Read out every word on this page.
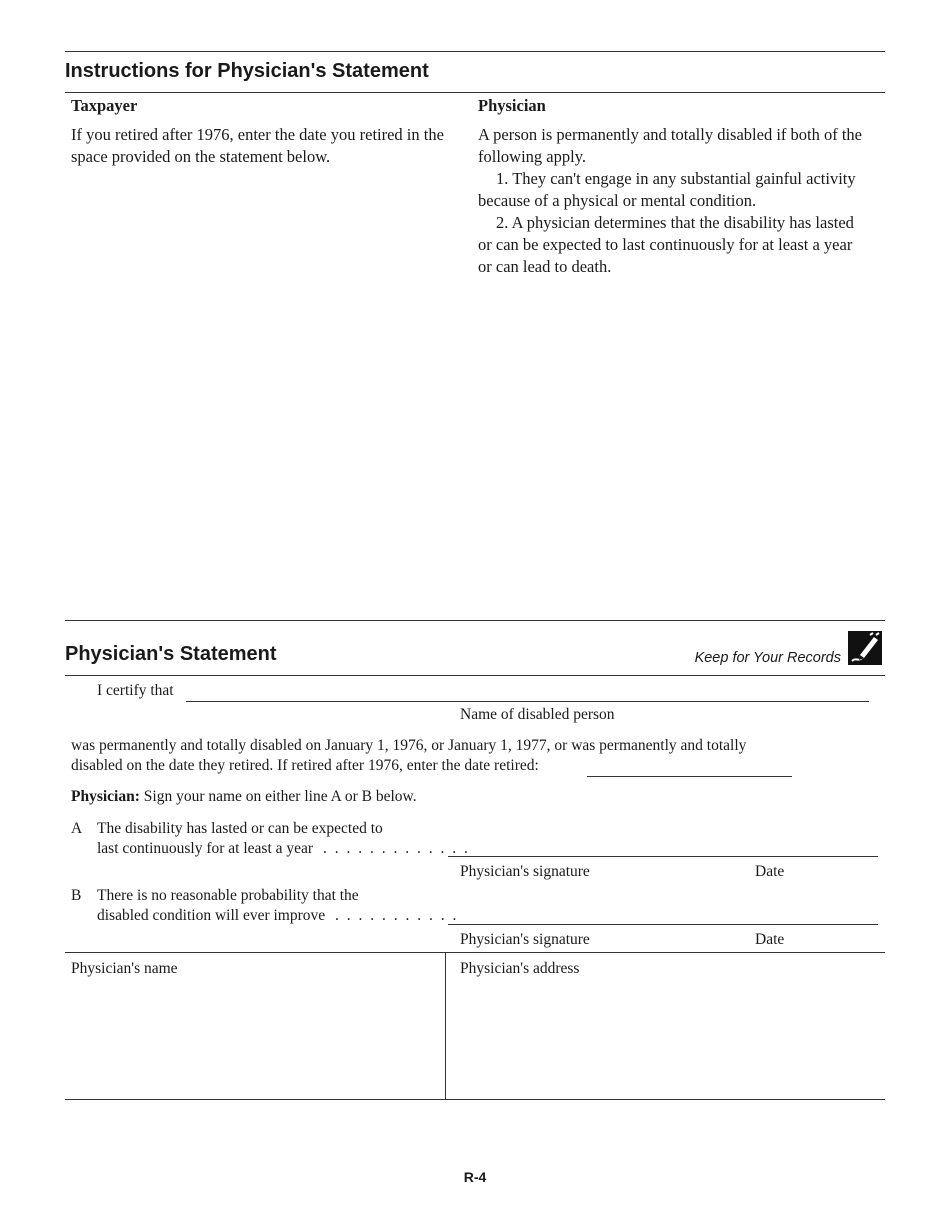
Instructions for Physician's Statement
Taxpayer
If you retired after 1976, enter the date you retired in the space provided on the statement below.
Physician
A person is permanently and totally disabled if both of the following apply.
1. They can't engage in any substantial gainful activity because of a physical or mental condition.
2. A physician determines that the disability has lasted or can be expected to last continuously for at least a year or can lead to death.
Physician's Statement	Keep for Your Records
I certify that
Name of disabled person
was permanently and totally disabled on January 1, 1976, or January 1, 1977, or was permanently and totally
disabled on the date they retired. If retired after 1976, enter the date retired:
Physician: Sign your name on either line A or B below.
A The disability has lasted or can be expected to
last continuously for at least a year . . . . . . . . . . . . .
Physician's signature	Date
B There is no reasonable probability that the
disabled condition will ever improve . . . . . . . . . . .
Physician's signature	Date
Physician's name	Physician's address
R-4
